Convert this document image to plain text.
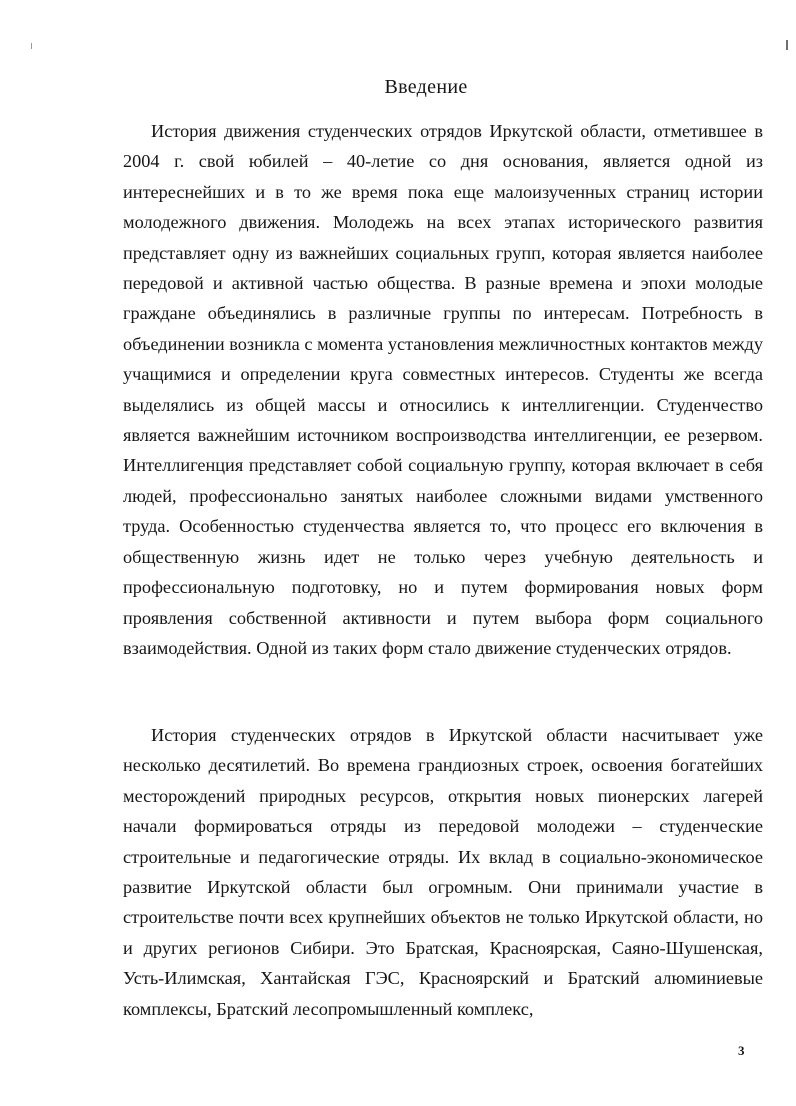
Введение

История движения студенческих отрядов Иркутской области, отметившее в 2004 г. свой юбилей – 40-летие со дня основания, является одной из интереснейших и в то же время пока еще малоизученных страниц истории молодежного движения. Молодежь на всех этапах исторического развития представляет одну из важнейших социальных групп, которая является наиболее передовой и активной частью общества. В разные времена и эпохи молодые граждане объединялись в различные группы по интересам. Потребность в объединении возникла с момента установления межличностных контактов между учащимися и определении круга совместных интересов. Студенты же всегда выделялись из общей массы и относились к интеллигенции. Студенчество является важнейшим источником воспроизводства интеллигенции, ее резервом. Интеллигенция представляет собой социальную группу, которая включает в себя людей, профессионально занятых наиболее сложными видами умственного труда. Особенностью студенчества является то, что процесс его включения в общественную жизнь идет не только через учебную деятельность и профессиональную подготовку, но и путем формирования новых форм проявления собственной активности и путем выбора форм социального взаимодействия. Одной из таких форм стало движение студенческих отрядов.

История студенческих отрядов в Иркутской области насчитывает уже несколько десятилетий. Во времена грандиозных строек, освоения богатейших месторождений природных ресурсов, открытия новых пионерских лагерей начали формироваться отряды из передовой молодежи – студенческие строительные и педагогические отряды. Их вклад в социально-экономическое развитие Иркутской области был огромным. Они принимали участие в строительстве почти всех крупнейших объектов не только Иркутской области, но и других регионов Сибири. Это Братская, Красноярская, Саяно-Шушенская, Усть-Илимская, Хантайская ГЭС, Красноярский и Братский алюминиевые комплексы, Братский лесопромышленный комплекс,

3
